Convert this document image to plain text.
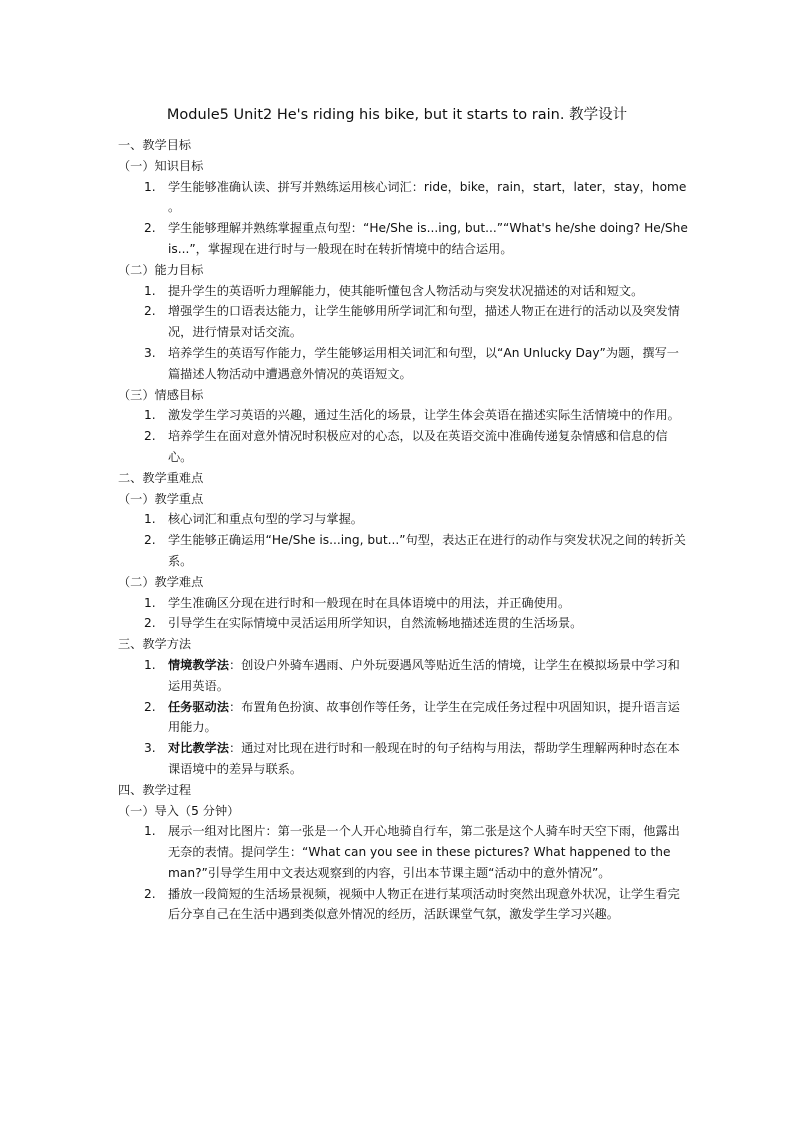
Module5 Unit2 He's riding his bike, but it starts to rain. 教学设计
一、教学目标
（一）知识目标
1. 学生能够准确认读、拼写并熟练运用核心词汇：ride，bike，rain，start，later，stay，home 。
2. 学生能够理解并熟练掌握重点句型：“He/She is...ing, but...”“What's he/she doing? He/She is...”，掌握现在进行时与一般现在时在转折情境中的结合运用。
（二）能力目标
1. 提升学生的英语听力理解能力，使其能听懂包含人物活动与突发状况描述的对话和短文。
2. 增强学生的口语表达能力，让学生能够用所学词汇和句型，描述人物正在进行的活动以及突发情况，进行情景对话交流。
3. 培养学生的英语写作能力，学生能够运用相关词汇和句型，以“An Unlucky Day”为题，撰写一篇描述人物活动中遭遇意外情况的英语短文。
（三）情感目标
1. 激发学生学习英语的兴趣，通过生活化的场景，让学生体会英语在描述实际生活情境中的作用。
2. 培养学生在面对意外情况时积极应对的心态，以及在英语交流中准确传递复杂情感和信息的信心。
二、教学重难点
（一）教学重点
1. 核心词汇和重点句型的学习与掌握。
2. 学生能够正确运用“He/She is...ing, but...”句型，表达正在进行的动作与突发状况之间的转折关系。
（二）教学难点
1. 学生准确区分现在进行时和一般现在时在具体语境中的用法，并正确使用。
2. 引导学生在实际情境中灵活运用所学知识，自然流畅地描述连贯的生活场景。
三、教学方法
1. 情境教学法：创设户外骑车遇雨、户外玩耍遇风等贴近生活的情境，让学生在模拟场景中学习和运用英语。
2. 任务驱动法：布置角色扮演、故事创作等任务，让学生在完成任务过程中巩固知识，提升语言运用能力。
3. 对比教学法：通过对比现在进行时和一般现在时的句子结构与用法，帮助学生理解两种时态在本课语境中的差异与联系。
四、教学过程
（一）导入（5 分钟）
1. 展示一组对比图片：第一张是一个人开心地骑自行车，第二张是这个人骑车时天空下雨，他露出无奈的表情。提问学生：“What can you see in these pictures? What happened to the man?”引导学生用中文表达观察到的内容，引出本节课主题“活动中的意外情况”。
2. 播放一段简短的生活场景视频，视频中人物正在进行某项活动时突然出现意外状况，让学生看完后分享自己在生活中遇到类似意外情况的经历，活跃课堂气氛，激发学生学习兴趣。
